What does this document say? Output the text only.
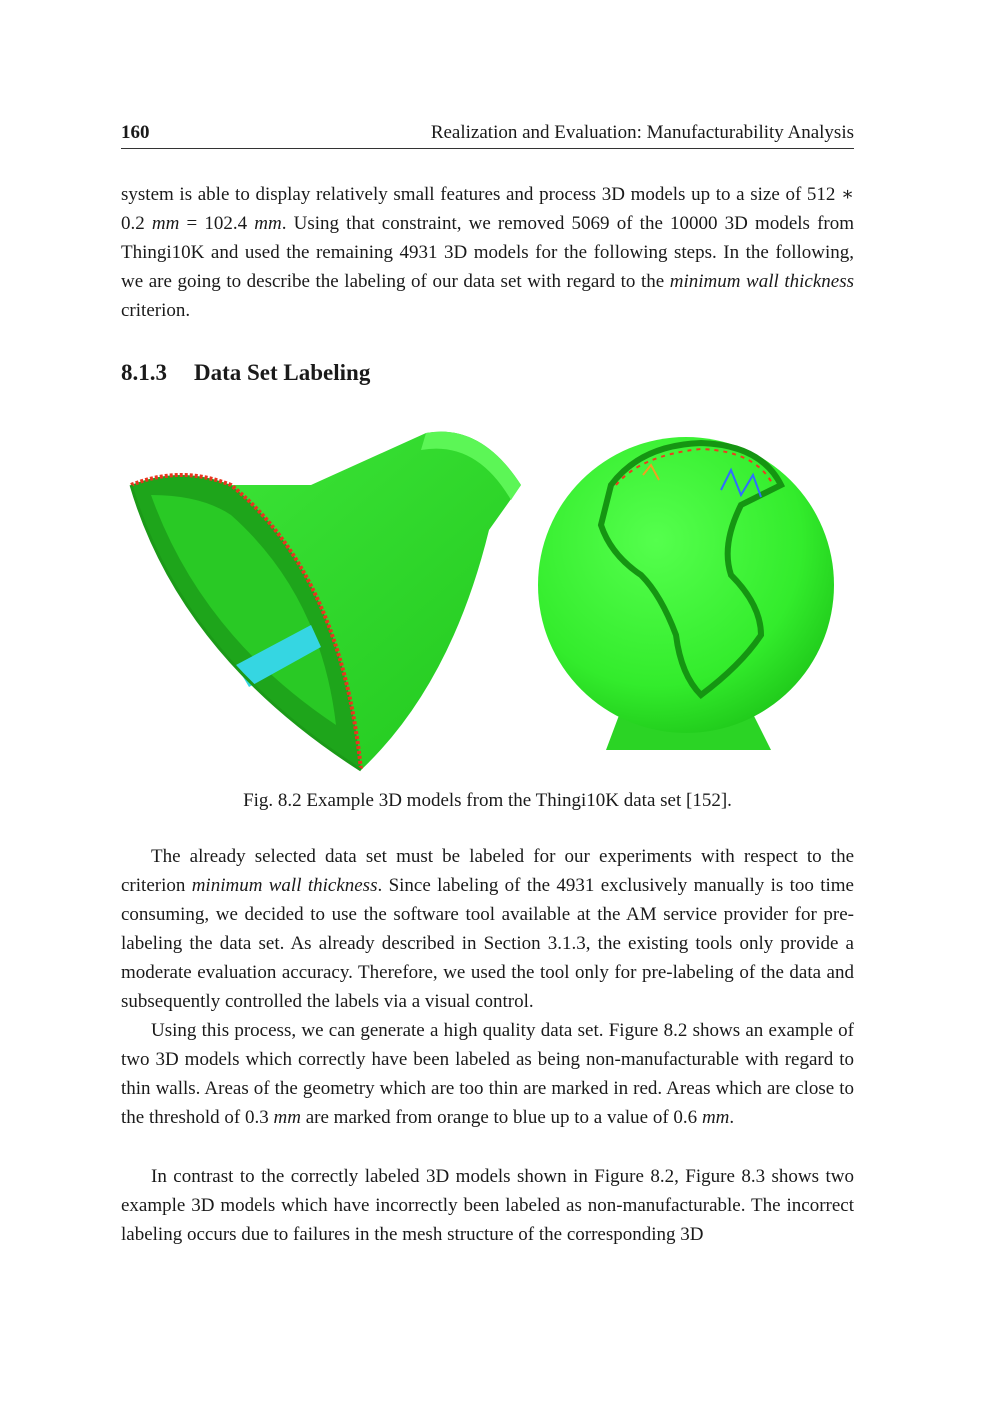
160	Realization and Evaluation: Manufacturability Analysis

system is able to display relatively small features and process 3D models up to a size of 512 ∗ 0.2 mm = 102.4 mm. Using that constraint, we removed 5069 of the 10000 3D models from Thingi10K and used the remaining 4931 3D models for the following steps. In the following, we are going to describe the labeling of our data set with regard to the minimum wall thickness criterion.

8.1.3 Data Set Labeling
Fig. 8.2 Example 3D models from the Thingi10K data set [152].

The already selected data set must be labeled for our experiments with respect to the criterion minimum wall thickness. Since labeling of the 4931 exclusively manually is too time consuming, we decided to use the software tool available at the AM service provider for pre-labeling the data set. As already described in Section 3.1.3, the existing tools only provide a moderate evaluation accuracy. Therefore, we used the tool only for pre-labeling of the data and subsequently controlled the labels via a visual control.

Using this process, we can generate a high quality data set. Figure 8.2 shows an example of two 3D models which correctly have been labeled as being non-manufacturable with regard to thin walls. Areas of the geometry which are too thin are marked in red. Areas which are close to the threshold of 0.3 mm are marked from orange to blue up to a value of 0.6 mm.

In contrast to the correctly labeled 3D models shown in Figure 8.2, Figure 8.3 shows two example 3D models which have incorrectly been labeled as non-manufacturable. The incorrect labeling occurs due to failures in the mesh structure of the corresponding 3D
